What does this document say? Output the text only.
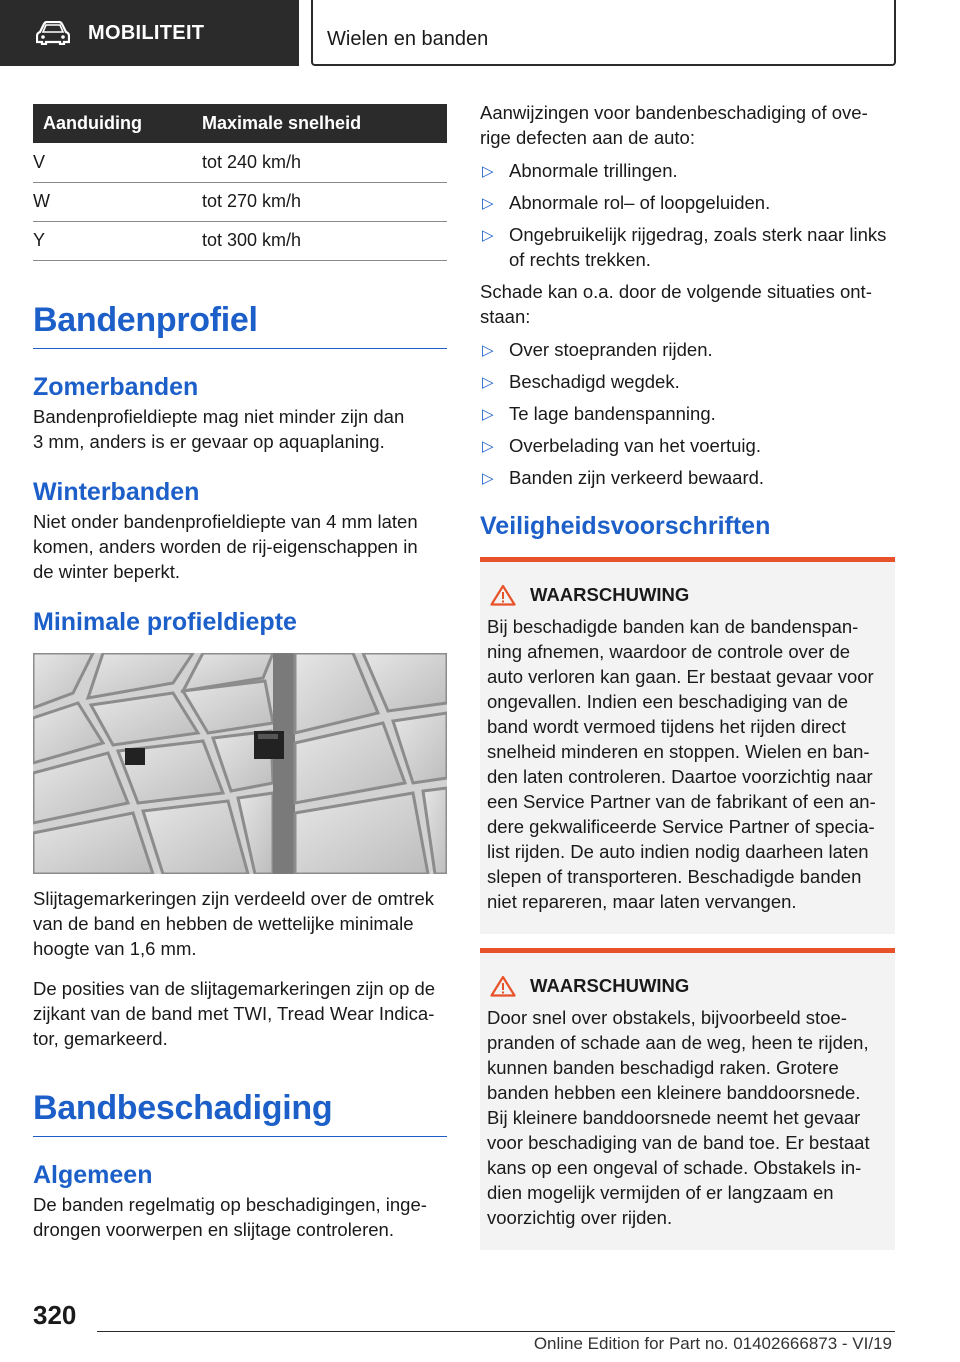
MOBILITEIT	Wielen en banden
Aanduiding	Maximale snelheid
V	tot 240 km/h
W	tot 270 km/h
Y	tot 300 km/h
Bandenprofiel
Zomerbanden
Bandenprofieldiepte mag niet minder zijn dan
3 mm, anders is er gevaar op aquaplaning.
Winterbanden
Niet onder bandenprofieldiepte van 4 mm laten
komen, anders worden de rij-eigenschappen in
de winter beperkt.
Minimale profieldiepte
Slijtagemarkeringen zijn verdeeld over de omtrek
van de band en hebben de wettelijke minimale
hoogte van 1,6 mm.
De posities van de slijtagemarkeringen zijn op de
zijkant van de band met TWI, Tread Wear Indica-
tor, gemarkeerd.
Bandbeschadiging
Algemeen
De banden regelmatig op beschadigingen, inge-
drongen voorwerpen en slijtage controleren.
Aanwijzingen voor bandenbeschadiging of ove-
rige defecten aan de auto:
▷ Abnormale trillingen.
▷ Abnormale rol– of loopgeluiden.
▷ Ongebruikelijk rijgedrag, zoals sterk naar links
of rechts trekken.
Schade kan o.a. door de volgende situaties ont-
staan:
▷ Over stoepranden rijden.
▷ Beschadigd wegdek.
▷ Te lage bandenspanning.
▷ Overbelading van het voertuig.
▷ Banden zijn verkeerd bewaard.
Veiligheidsvoorschriften
WAARSCHUWING
Bij beschadigde banden kan de bandenspan-
ning afnemen, waardoor de controle over de
auto verloren kan gaan. Er bestaat gevaar voor
ongevallen. Indien een beschadiging van de
band wordt vermoed tijdens het rijden direct
snelheid minderen en stoppen. Wielen en ban-
den laten controleren. Daartoe voorzichtig naar
een Service Partner van de fabrikant of een an-
dere gekwalificeerde Service Partner of specia-
list rijden. De auto indien nodig daarheen laten
slepen of transporteren. Beschadigde banden
niet repareren, maar laten vervangen.
WAARSCHUWING
Door snel over obstakels, bijvoorbeeld stoe-
pranden of schade aan de weg, heen te rijden,
kunnen banden beschadigd raken. Grotere
banden hebben een kleinere banddoorsnede.
Bij kleinere banddoorsnede neemt het gevaar
voor beschadiging van de band toe. Er bestaat
kans op een ongeval of schade. Obstakels in-
dien mogelijk vermijden of er langzaam en
voorzichtig over rijden.
320
Online Edition for Part no. 01402666873 - VI/19
